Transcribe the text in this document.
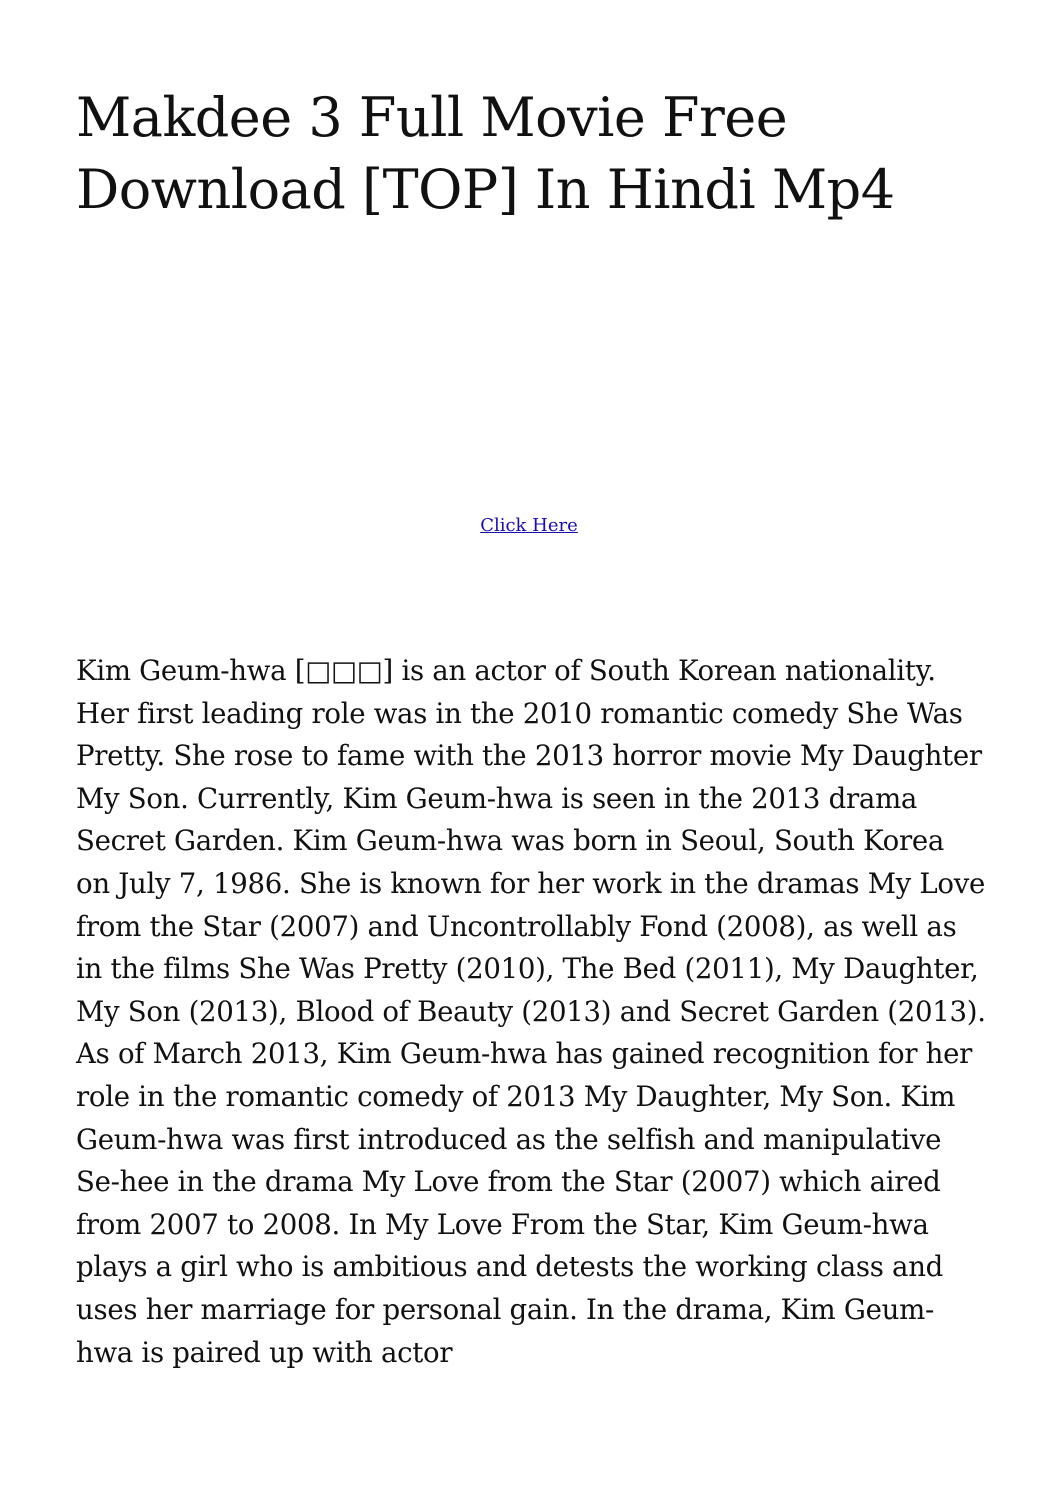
Makdee 3 Full Movie Free Download [TOP] In Hindi Mp4
Click Here

Kim Geum-hwa [□□□] is an actor of South Korean nationality. Her first leading role was in the 2010 romantic comedy She Was Pretty. She rose to fame with the 2013 horror movie My Daughter My Son. Currently, Kim Geum-hwa is seen in the 2013 drama Secret Garden. Kim Geum-hwa was born in Seoul, South Korea on July 7, 1986. She is known for her work in the dramas My Love from the Star (2007) and Uncontrollably Fond (2008), as well as in the films She Was Pretty (2010), The Bed (2011), My Daughter, My Son (2013), Blood of Beauty (2013) and Secret Garden (2013). As of March 2013, Kim Geum-hwa has gained recognition for her role in the romantic comedy of 2013 My Daughter, My Son. Kim Geum-hwa was first introduced as the selfish and manipulative Se-hee in the drama My Love from the Star (2007) which aired from 2007 to 2008. In My Love From the Star, Kim Geum-hwa plays a girl who is ambitious and detests the working class and uses her marriage for personal gain. In the drama, Kim Geum-hwa is paired up with actor
